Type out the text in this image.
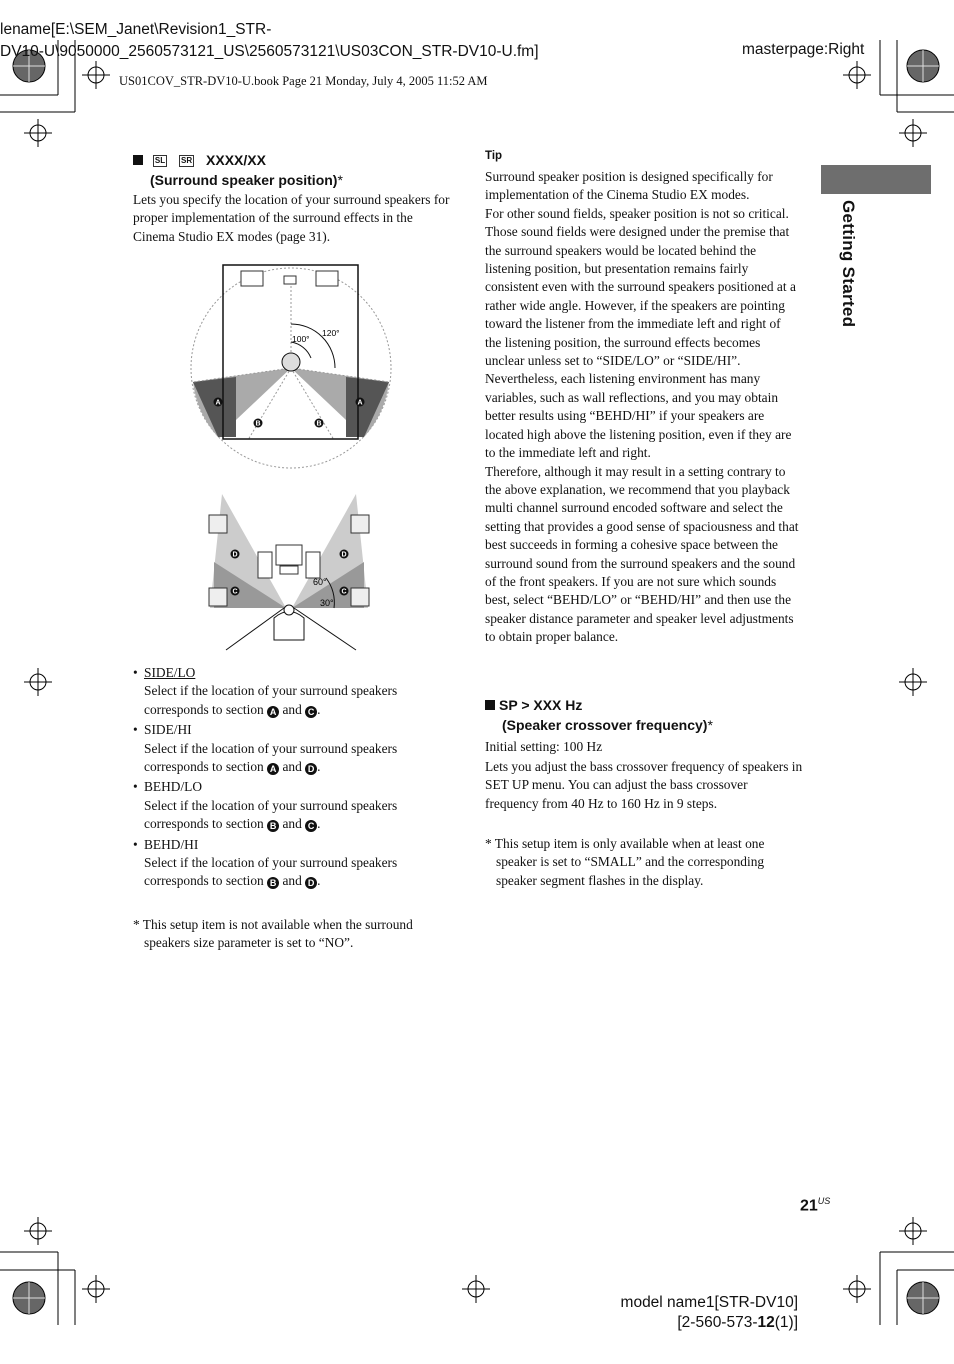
lename[E:\SEM_Janet\Revision1_STR-
DV10-U\9050000_2560573121_US\2560573121\US03CON_STR-DV10-U.fm]	masterpage:Right
US01COV_STR-DV10-U.book Page 21 Monday, July 4, 2005 11:52 AM
Getting Started
SL SR XXXX/XX
(Surround speaker position)*
Lets you specify the location of your surround speakers for proper implementation of the surround effects in the Cinema Studio EX modes (page 31).
100°
120°
A	A
B	B
60°
30°
D	D
C	C
• SIDE/LO
Select if the location of your surround speakers corresponds to section A and C .
• SIDE/HI
Select if the location of your surround speakers corresponds to section A and D .
• BEHD/LO
Select if the location of your surround speakers corresponds to section B and C .
• BEHD/HI
Select if the location of your surround speakers corresponds to section B and D .
* This setup item is not available when the surround speakers size parameter is set to “NO”.
Tip

Surround speaker position is designed specifically for implementation of the Cinema Studio EX modes.

For other sound fields, speaker position is not so critical. Those sound fields were designed under the premise that the surround speakers would be located behind the listening position, but presentation remains fairly consistent even with the surround speakers positioned at a rather wide angle. However, if the speakers are pointing toward the listener from the immediate left and right of the listening position, the surround effects becomes unclear unless set to “SIDE/LO” or “SIDE/HI”.

Nevertheless, each listening environment has many variables, such as wall reflections, and you may obtain better results using “BEHD/HI” if your speakers are located high above the listening position, even if they are to the immediate left and right.

Therefore, although it may result in a setting contrary to the above explanation, we recommend that you playback multi channel surround encoded software and select the setting that provides a good sense of spaciousness and that best succeeds in forming a cohesive space between the surround sound from the surround speakers and the sound of the front speakers. If you are not sure which sounds best, select “BEHD/LO” or “BEHD/HI” and then use the speaker distance parameter and speaker level adjustments to obtain proper balance.

SP > XXX Hz
(Speaker crossover frequency)*
Initial setting: 100 Hz
Lets you adjust the bass crossover frequency of speakers in SET UP menu. You can adjust the bass crossover frequency from 40 Hz to 160 Hz in 9 steps.
* This setup item is only available when at least one speaker is set to “SMALL” and the corresponding speaker segment flashes in the display.
$21^{US}$
model name1[STR-DV10]
[2-560-573-12(1)]
